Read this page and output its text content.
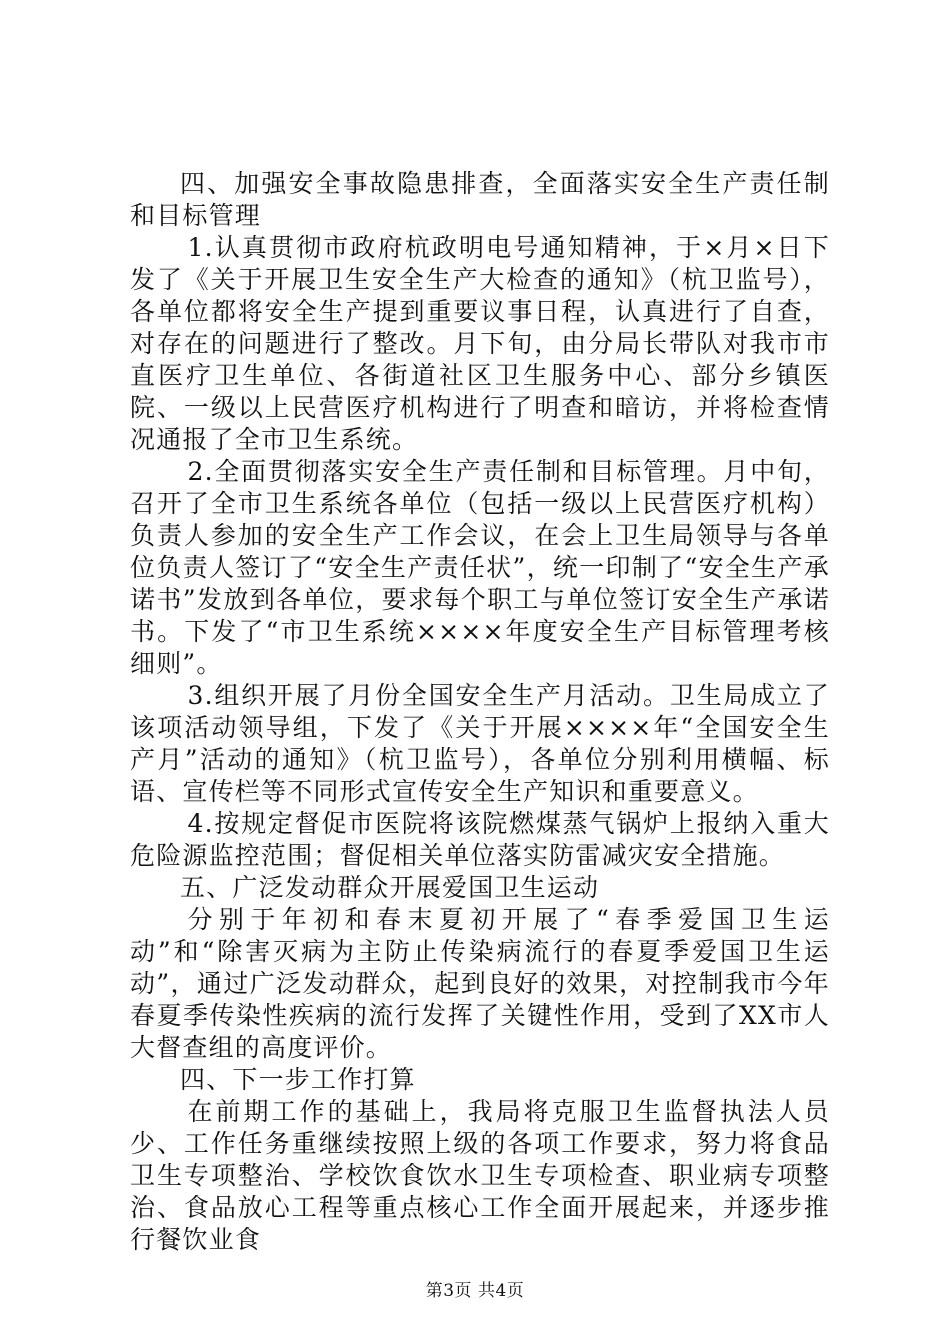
四、加强安全事故隐患排查，全面落实安全生产责任制和目标管理

1.认真贯彻市政府杭政明电号通知精神，于×月×日下发了《关于开展卫生安全生产大检查的通知》（杭卫监号），各单位都将安全生产提到重要议事日程，认真进行了自查，对存在的问题进行了整改。月下旬，由分局长带队对我市市直医疗卫生单位、各街道社区卫生服务中心、部分乡镇医院、一级以上民营医疗机构进行了明查和暗访，并将检查情况通报了全市卫生系统。

2.全面贯彻落实安全生产责任制和目标管理。月中旬，召开了全市卫生系统各单位（包括一级以上民营医疗机构）负责人参加的安全生产工作会议，在会上卫生局领导与各单位负责人签订了“安全生产责任状”，统一印制了“安全生产承诺书”发放到各单位，要求每个职工与单位签订安全生产承诺书。下发了“市卫生系统××××年度安全生产目标管理考核细则”。

3.组织开展了月份全国安全生产月活动。卫生局成立了该项活动领导组，下发了《关于开展××××年“全国安全生产月”活动的通知》（杭卫监号），各单位分别利用横幅、标语、宣传栏等不同形式宣传安全生产知识和重要意义。

4.按规定督促市医院将该院燃煤蒸气锅炉上报纳入重大危险源监控范围；督促相关单位落实防雷减灾安全措施。

五、广泛发动群众开展爱国卫生运动

分别于年初和春末夏初开展了“春季爱国卫生运动”和“除害灭病为主防止传染病流行的春夏季爱国卫生运动”，通过广泛发动群众，起到良好的效果，对控制我市今年春夏季传染性疾病的流行发挥了关键性作用，受到了XX市人大督查组的高度评价。

四、下一步工作打算

在前期工作的基础上，我局将克服卫生监督执法人员少、工作任务重继续按照上级的各项工作要求，努力将食品卫生专项整治、学校饮食饮水卫生专项检查、职业病专项整治、食品放心工程等重点核心工作全面开展起来，并逐步推行餐饮业食

第3页 共4页
